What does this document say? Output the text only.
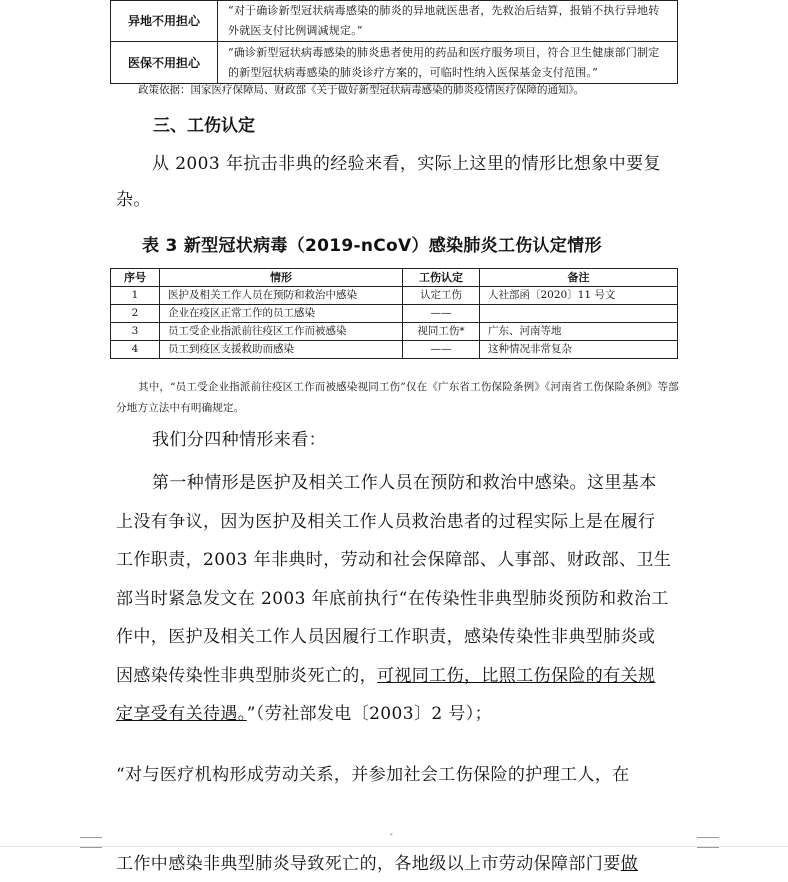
异地不用担心	“对于确诊新型冠状病毒感染的肺炎的异地就医患者，先救治后结算，报销不执行异地转外就医支付比例调减规定。”
医保不用担心	“确诊新型冠状病毒感染的肺炎患者使用的药品和医疗服务项目，符合卫生健康部门制定的新型冠状病毒感染的肺炎诊疗方案的，可临时性纳入医保基金支付范围。”
政策依据：国家医疗保障局、财政部《关于做好新型冠状病毒感染的肺炎疫情医疗保障的通知》。
三、工伤认定
从 2003 年抗击非典的经验来看，实际上这里的情形比想象中要复杂。
表 3 新型冠状病毒（2019-nCoV）感染肺炎工伤认定情形
序号	情形	工伤认定	备注
1	医护及相关工作人员在预防和救治中感染	认定工伤	人社部函〔2020〕11 号文
2	企业在疫区正常工作的员工感染	——	
3	员工受企业指派前往疫区工作而被感染	视同工伤*	广东、河南等地
4	员工到疫区支援救助而感染	——	这种情况非常复杂
其中，“员工受企业指派前往疫区工作而被感染视同工伤”仅在《广东省工伤保险条例》《河南省工伤保险条例》等部分地方立法中有明确规定。
我们分四种情形来看：
第一种情形是医护及相关工作人员在预防和救治中感染。这里基本上没有争议，因为医护及相关工作人员救治患者的过程实际上是在履行工作职责，2003 年非典时，劳动和社会保障部、人事部、财政部、卫生部当时紧急发文在 2003 年底前执行“在传染性非典型肺炎预防和救治工作中，医护及相关工作人员因履行工作职责，感染传染性非典型肺炎或因感染传染性非典型肺炎死亡的，可视同工伤，比照工伤保险的有关规定享受有关待遇。”（劳社部发电〔2003〕2 号）；
“对与医疗机构形成劳动关系，并参加社会工伤保险的护理工人，在
ˇ
工作中感染非典型肺炎导致死亡的，各地级以上市劳动保障部门要做
